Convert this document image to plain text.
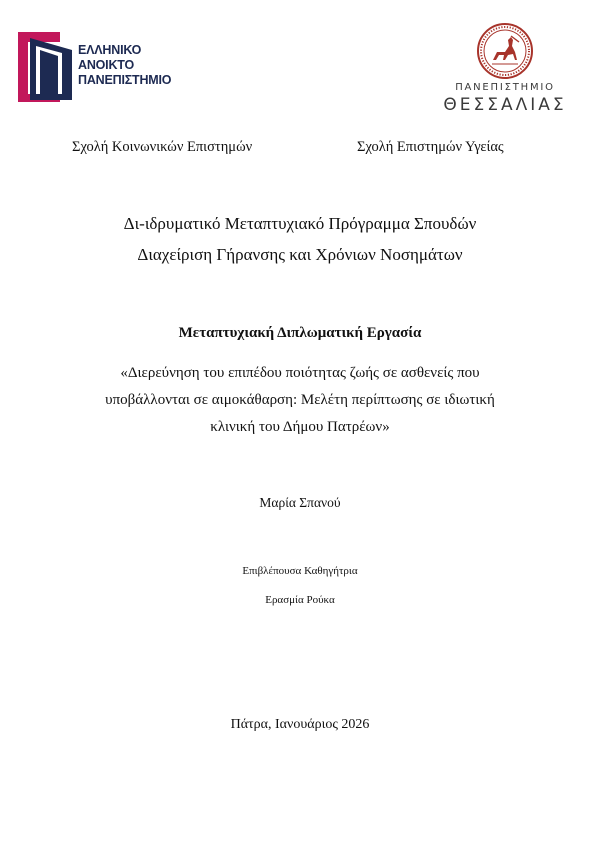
ΕΛΛΗΝΙΚΟ
ΑΝΟΙΚΤΟ
ΠΑΝΕΠΙΣΤΗΜΙΟ
ΠΑΝΕΠΙΣΤΗΜΙΟ
ΘΕΣΣΑΛΙΑΣ
Σχολή Κοινωνικών Επιστημών	Σχολή Επιστημών Υγείας
Δι-ιδρυματικό Μεταπτυχιακό Πρόγραμμα Σπουδών
Διαχείριση Γήρανσης και Χρόνιων Νοσημάτων
Μεταπτυχιακή Διπλωματική Εργασία
«Διερεύνηση του επιπέδου ποιότητας ζωής σε ασθενείς που
υποβάλλονται σε αιμοκάθαρση: Μελέτη περίπτωσης σε ιδιωτική
κλινική του Δήμου Πατρέων»
Μαρία Σπανού
Επιβλέπουσα Καθηγήτρια
Ερασμία Ρούκα
Πάτρα, Ιανουάριος 2026
